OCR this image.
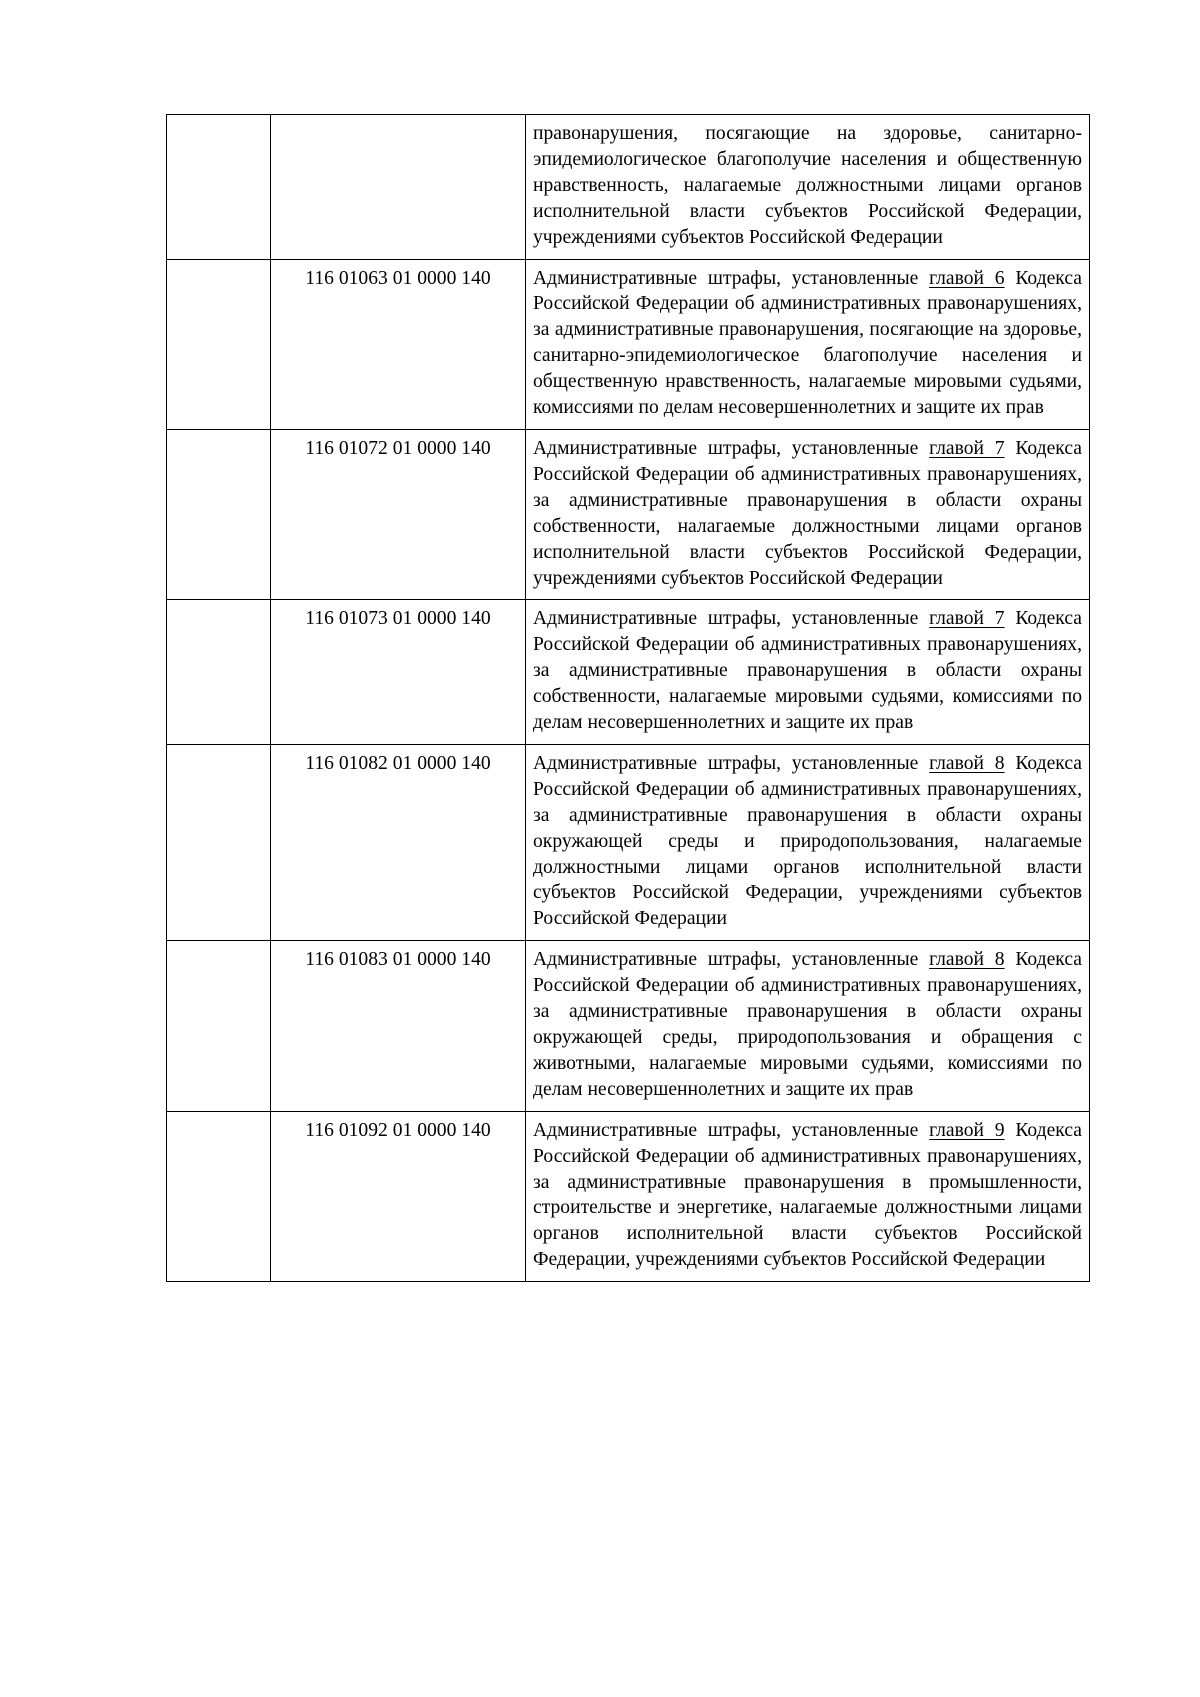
		правонарушения, посягающие на здоровье, санитарно-эпидемиологическое благополучие населения и общественную нравственность, налагаемые должностными лицами органов исполнительной власти субъектов Российской Федерации, учреждениями субъектов Российской Федерации
	116 01063 01 0000 140	Административные штрафы, установленные главой 6 Кодекса Российской Федерации об административных правонарушениях, за административные правонарушения, посягающие на здоровье, санитарно-эпидемиологическое благополучие населения и общественную нравственность, налагаемые мировыми судьями, комиссиями по делам несовершеннолетних и защите их прав
	116 01072 01 0000 140	Административные штрафы, установленные главой 7 Кодекса Российской Федерации об административных правонарушениях, за административные правонарушения в области охраны собственности, налагаемые должностными лицами органов исполнительной власти субъектов Российской Федерации, учреждениями субъектов Российской Федерации
	116 01073 01 0000 140	Административные штрафы, установленные главой 7 Кодекса Российской Федерации об административных правонарушениях, за административные правонарушения в области охраны собственности, налагаемые мировыми судьями, комиссиями по делам несовершеннолетних и защите их прав
	116 01082 01 0000 140	Административные штрафы, установленные главой 8 Кодекса Российской Федерации об административных правонарушениях, за административные правонарушения в области охраны окружающей среды и природопользования, налагаемые должностными лицами органов исполнительной власти субъектов Российской Федерации, учреждениями субъектов Российской Федерации
	116 01083 01 0000 140	Административные штрафы, установленные главой 8 Кодекса Российской Федерации об административных правонарушениях, за административные правонарушения в области охраны окружающей среды, природопользования и обращения с животными, налагаемые мировыми судьями, комиссиями по делам несовершеннолетних и защите их прав
	116 01092 01 0000 140	Административные штрафы, установленные главой 9 Кодекса Российской Федерации об административных правонарушениях, за административные правонарушения в промышленности, строительстве и энергетике, налагаемые должностными лицами органов исполнительной власти субъектов Российской Федерации, учреждениями субъектов Российской Федерации
